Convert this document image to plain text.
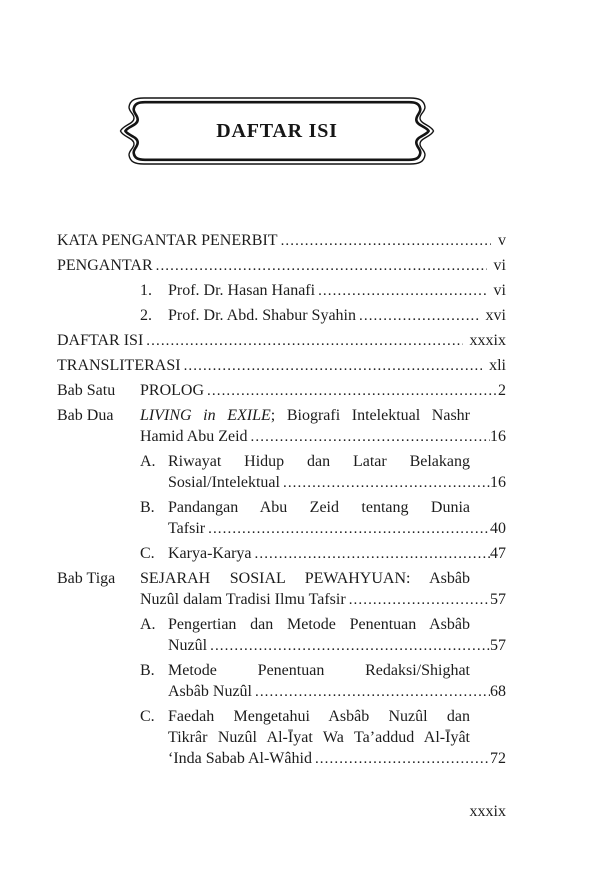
DAFTAR ISI
KATA PENGANTAR PENERBIT .....	v
PENGANTAR .....	vi
1.	Prof. Dr. Hasan Hanafi .....	vi
2.	Prof. Dr. Abd. Shabur Syahin .....	xvi
DAFTAR ISI .....	xxxix
TRANSLITERASI .....	xli
Bab Satu	PROLOG .....	2
Bab Dua	LIVING in EXILE; Biografi Intelektual Nashr
Hamid Abu Zeid .....	16
A. Riwayat Hidup dan Latar Belakang
Sosial/Intelektual .....	16
B. Pandangan Abu Zeid tentang Dunia
Tafsir .....	40
C. Karya-Karya .....	47
Bab Tiga	SEJARAH SOSIAL PEWAHYUAN: Asbâb
Nuzûl dalam Tradisi Ilmu Tafsir .....	57
A. Pengertian dan Metode Penentuan Asbâb
Nuzûl .....	57
B. Metode Penentuan Redaksi/Shighat
Asbâb Nuzûl .....	68
C. Faedah Mengetahui Asbâb Nuzûl dan
Tikrâr Nuzûl Al-Īyat Wa Ta’addud Al-Īyât
‘Inda Sabab Al-Wâhid .....	72
xxxix
